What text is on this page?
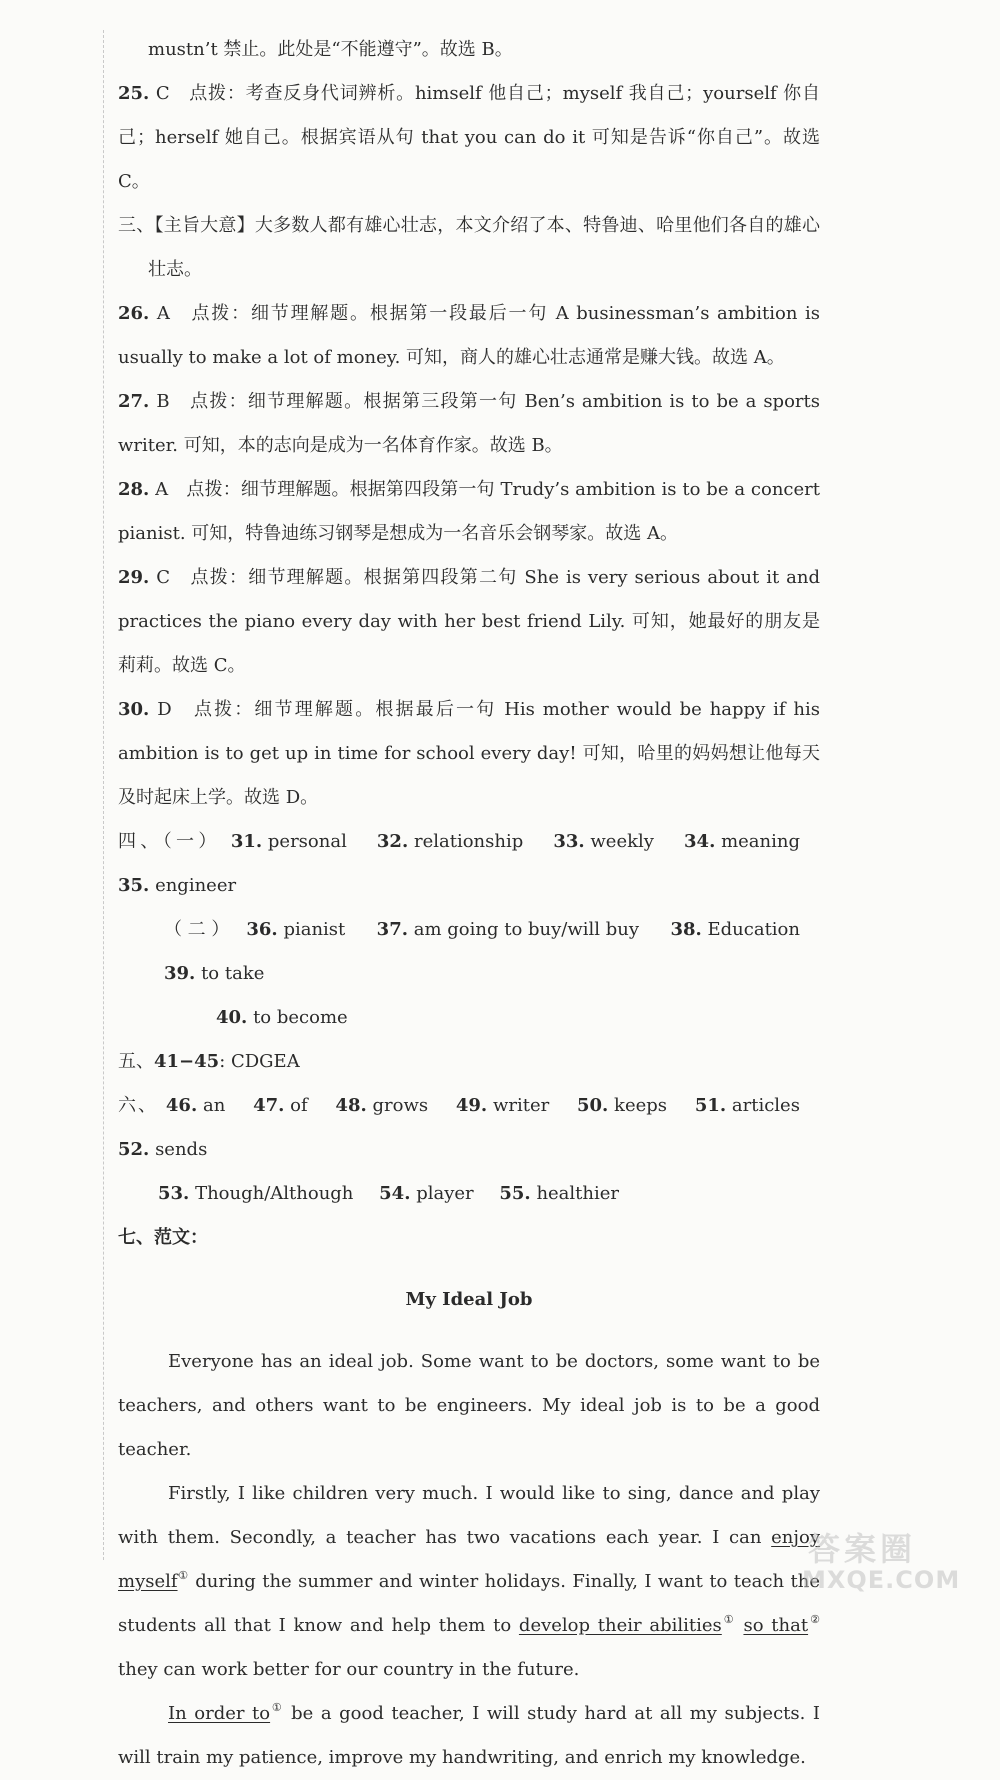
mustn’t 禁止。此处是“不能遵守”。故选 B。

25. C　点拨：考查反身代词辨析。himself 他自己；myself 我自己；yourself 你自己；herself 她自己。根据宾语从句 that you can do it 可知是告诉“你自己”。故选 C。

三、【主旨大意】大多数人都有雄心壮志，本文介绍了本、特鲁迪、哈里他们各自的雄心壮志。

26. A　点拨：细节理解题。根据第一段最后一句 A businessman’s ambition is usually to make a lot of money. 可知，商人的雄心壮志通常是赚大钱。故选 A。

27. B　点拨：细节理解题。根据第三段第一句 Ben’s ambition is to be a sports writer. 可知，本的志向是成为一名体育作家。故选 B。

28. A　点拨：细节理解题。根据第四段第一句 Trudy’s ambition is to be a concert pianist. 可知，特鲁迪练习钢琴是想成为一名音乐会钢琴家。故选 A。

29. C　点拨：细节理解题。根据第四段第二句 She is very serious about it and practices the piano every day with her best friend Lily. 可知，她最好的朋友是莉莉。故选 C。

30. D　点拨：细节理解题。根据最后一句 His mother would be happy if his ambition is to get up in time for school every day! 可知，哈里的妈妈想让他每天及时起床上学。故选 D。

四、（一） 31. personal 32. relationship 33. weekly 34. meaning 35. engineer

（二） 36. pianist 37. am going to buy/will buy 38. Education 39. to take

40. to become

五、41−45: CDGEA

六、 46. an 47. of 48. grows 49. writer 50. keeps 51. articles 52. sends

53. Though/Although 54. player 55. healthier

七、范文：

My Ideal Job

Everyone has an ideal job. Some want to be doctors, some want to be teachers, and others want to be engineers. My ideal job is to be a good teacher.

Firstly, I like children very much. I would like to sing, dance and play with them. Secondly, a teacher has two vacations each year. I can enjoy myself① during the summer and winter holidays. Finally, I want to teach the students all that I know and help them to develop their abilities① so that② they can work better for our country in the future.

In order to① be a good teacher, I will study hard at all my subjects. I will train my patience, improve my handwriting, and enrich my knowledge.

答案圈
MXQE.COM
